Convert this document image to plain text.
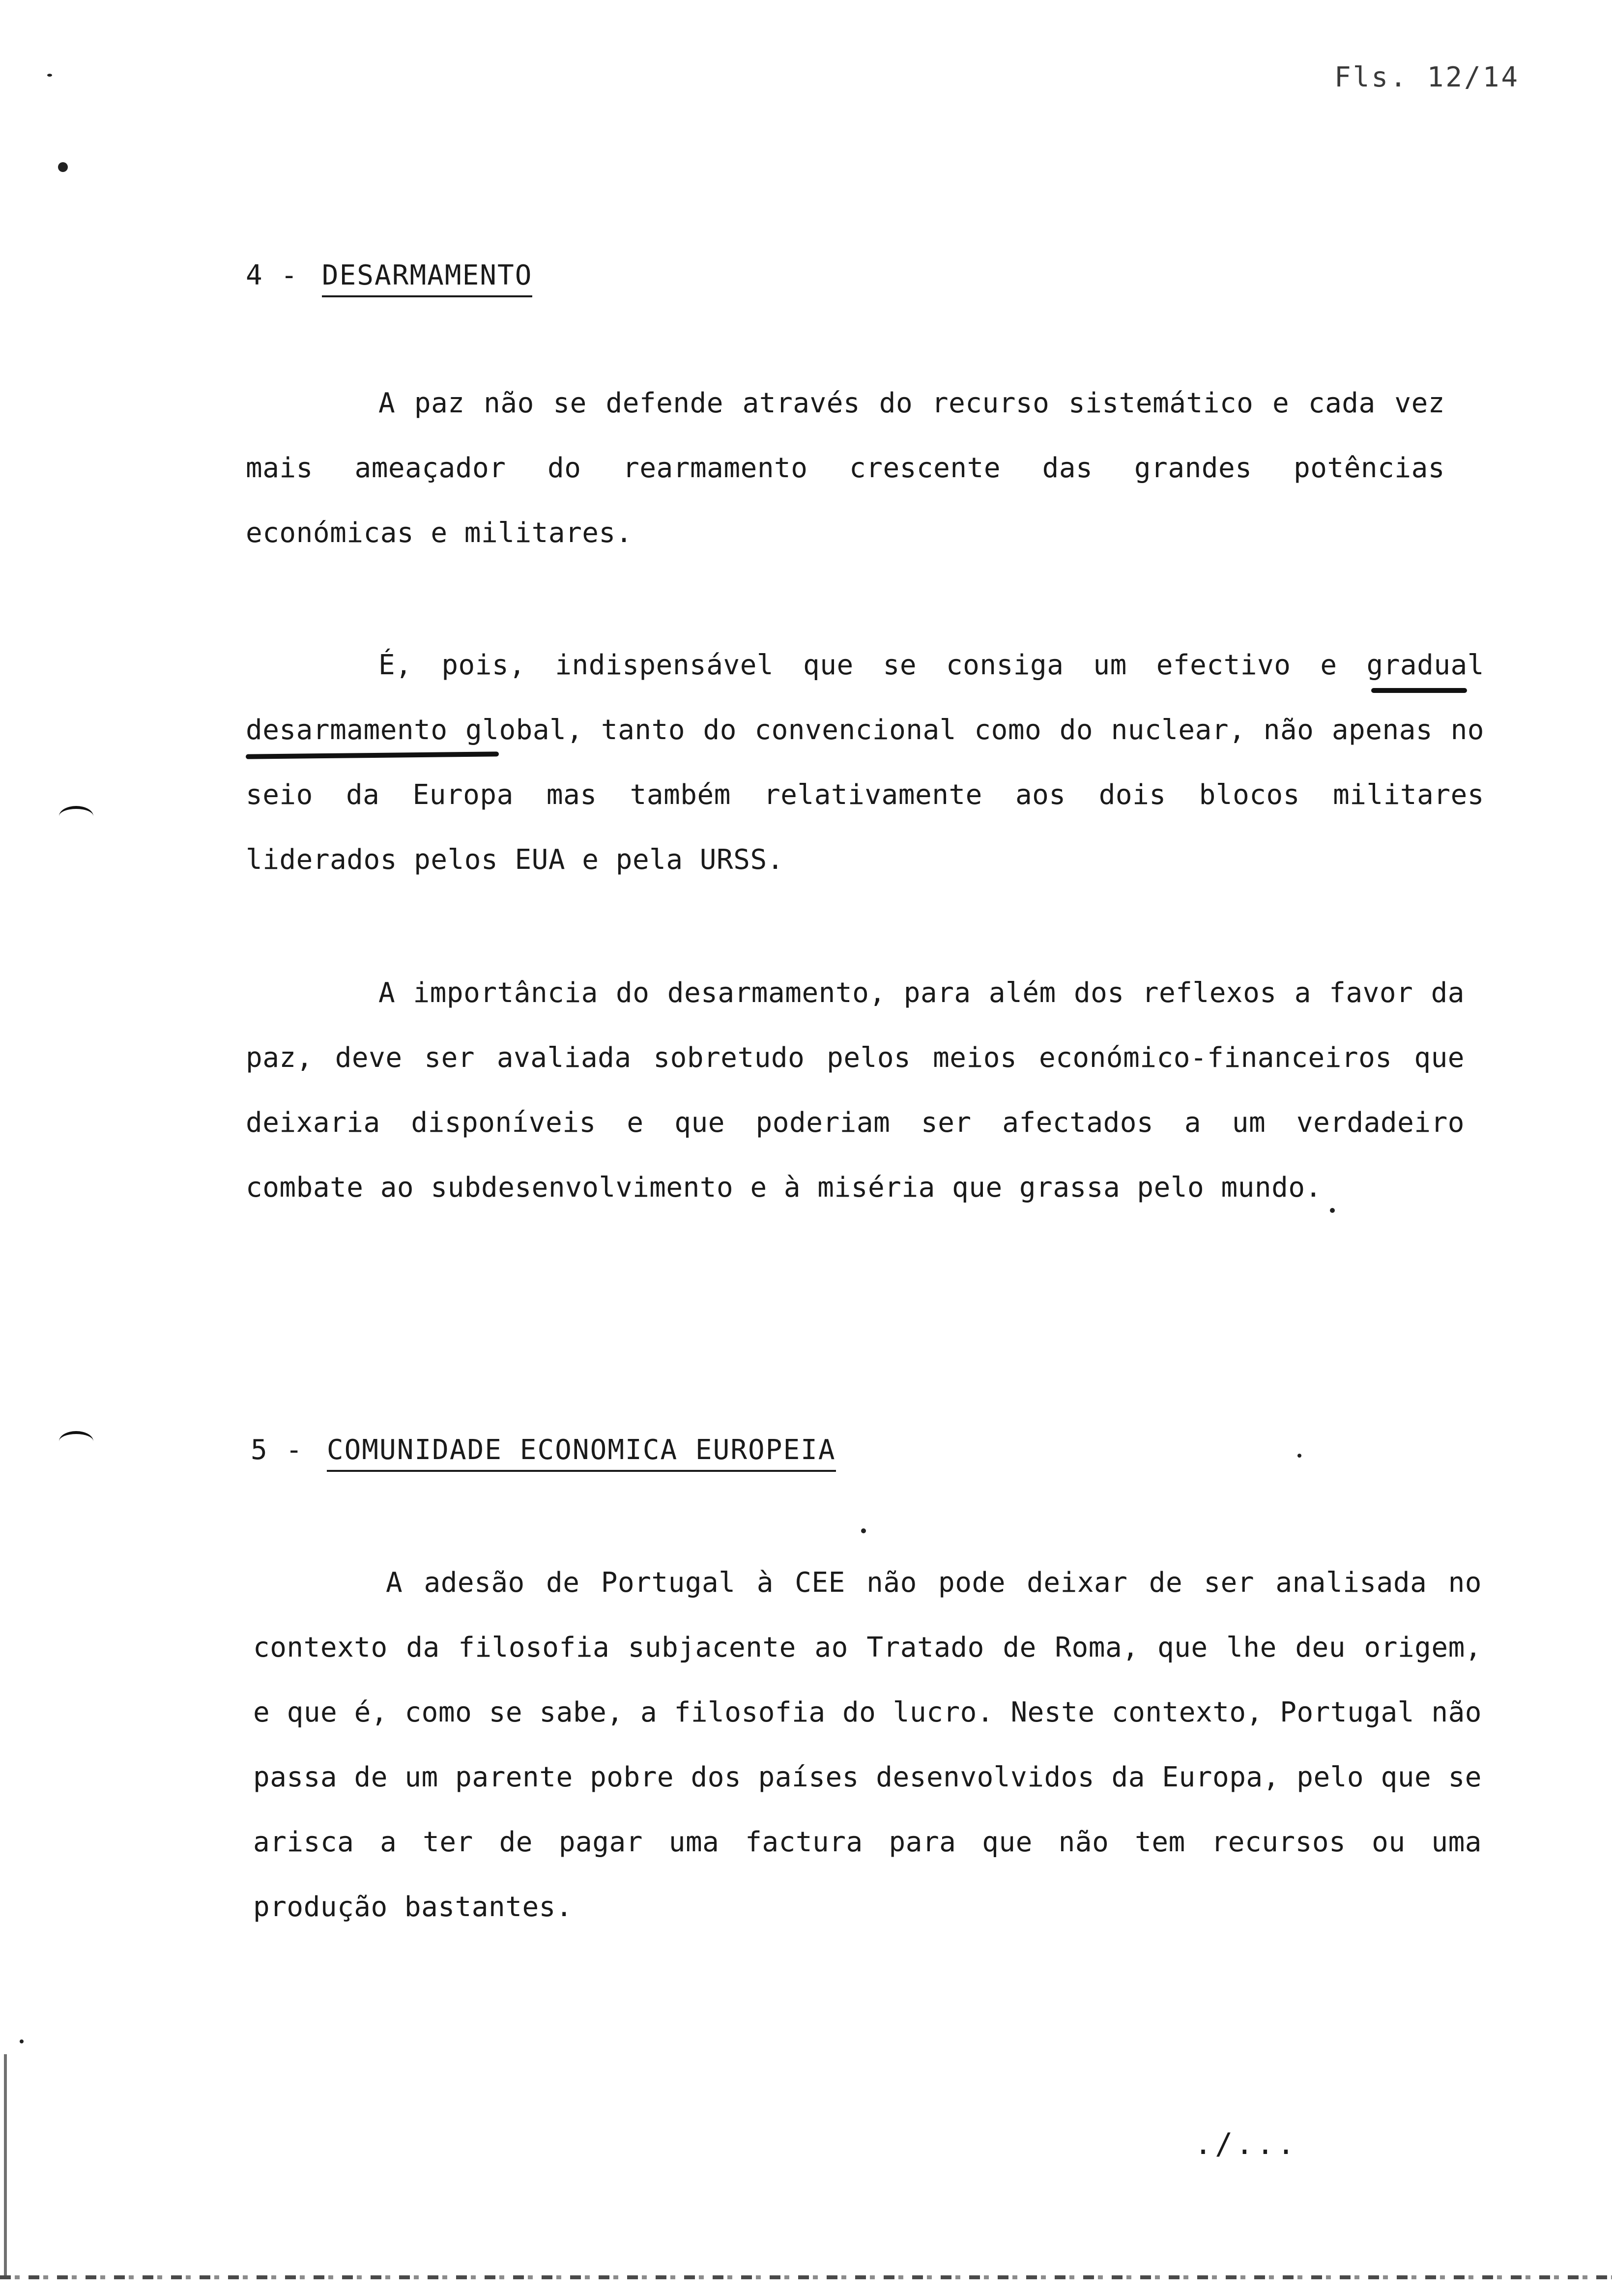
Fls. 12/14
4 - DESARMAMENTO

A paz não se defende através do recurso sistemático e cada vez mais ameaçador do rearmamento crescente das grandes potências económicas e militares.

É, pois, indispensável que se consiga um efectivo e gradual desarmamento global, tanto do convencional como do nuclear, não apenas no seio da Europa mas também relativamente aos dois blocos militares liderados pelos EUA e pela URSS.

A importância do desarmamento, para além dos reflexos a favor da paz, deve ser avaliada sobretudo pelos meios económico-financeiros que deixaria disponíveis e que poderiam ser afectados a um verdadeiro combate ao subdesenvolvimento e à miséria que grassa pelo mundo.

5 - COMUNIDADE ECONOMICA EUROPEIA

A adesão de Portugal à CEE não pode deixar de ser analisada no contexto da filosofia subjacente ao Tratado de Roma, que lhe deu origem, e que é, como se sabe, a filosofia do lucro. Neste contexto, Portugal não passa de um parente pobre dos países desenvolvidos da Europa, pelo que se arisca a ter de pagar uma factura para que não tem recursos ou uma produção bastantes.

./...
